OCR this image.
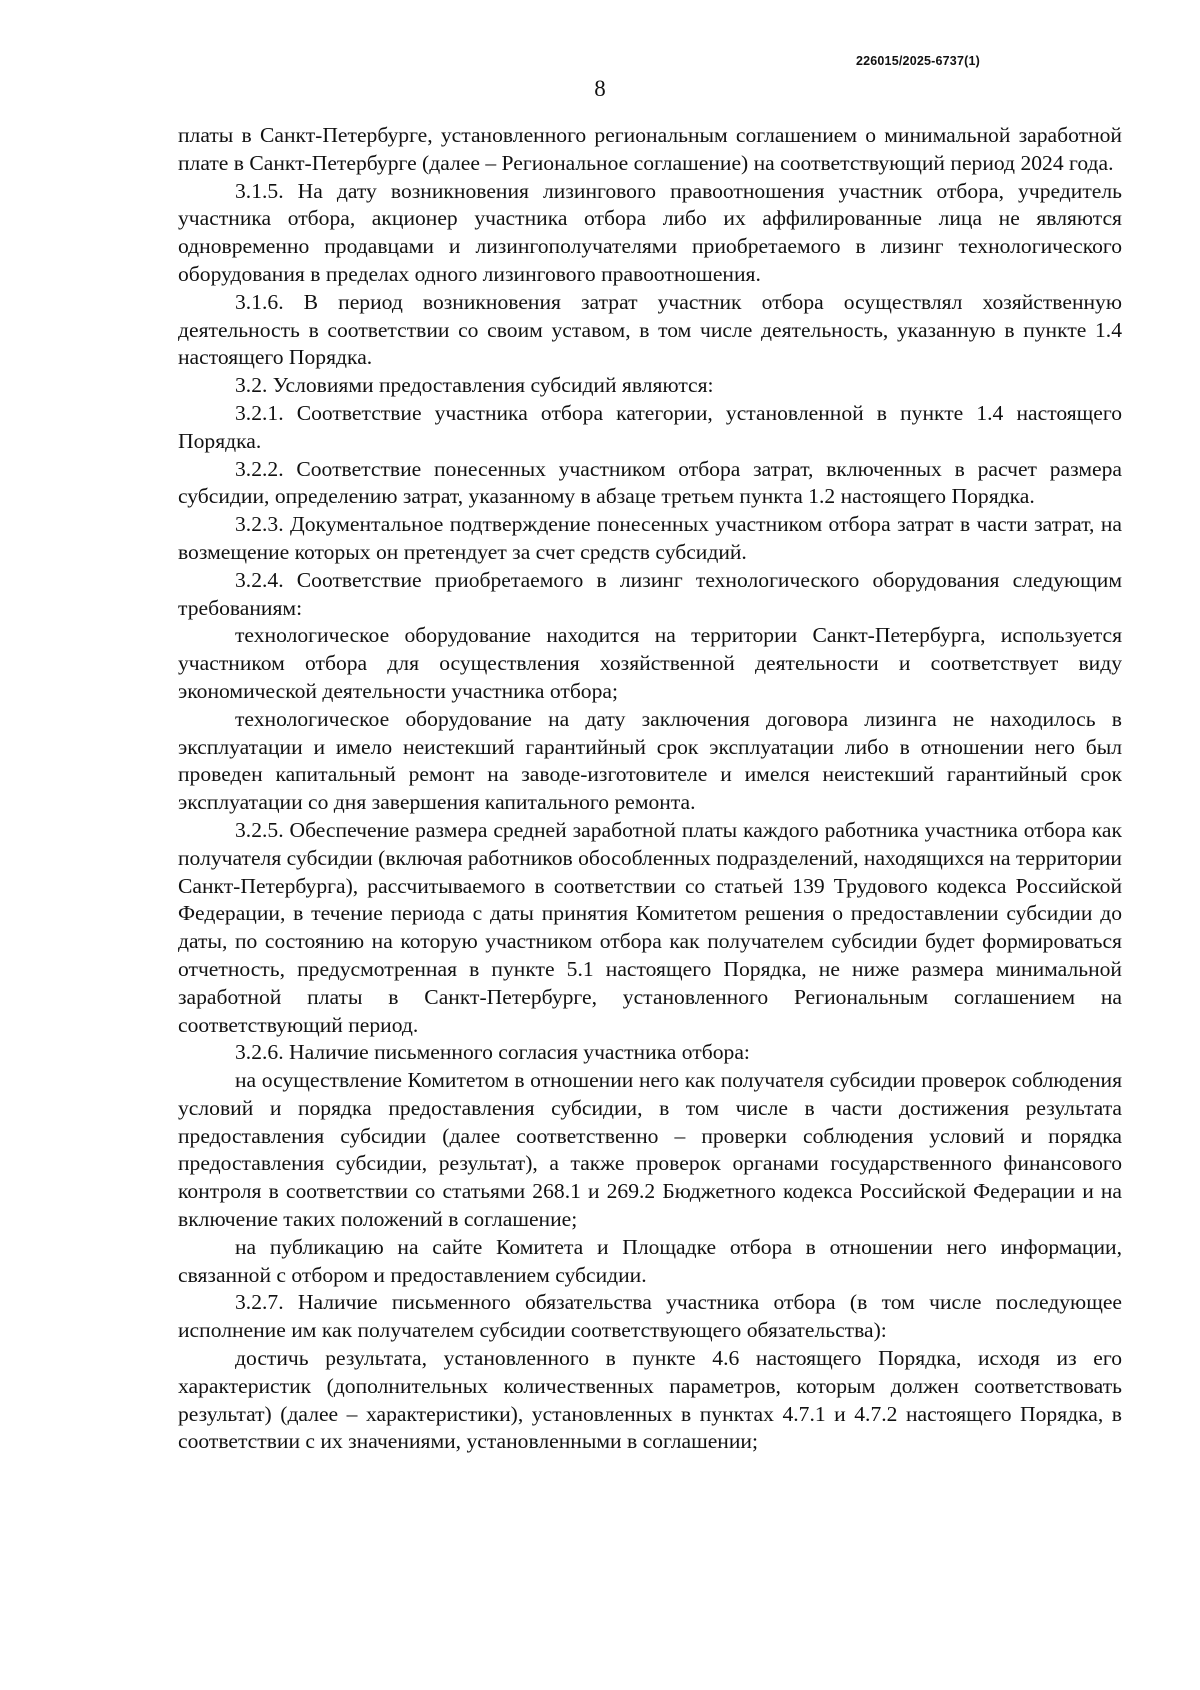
226015/2025-6737(1)
8

платы в Санкт-Петербурге, установленного региональным соглашением о минимальной заработной плате в Санкт-Петербурге (далее – Региональное соглашение) на соответствующий период 2024 года.

3.1.5. На дату возникновения лизингового правоотношения участник отбора, учредитель участника отбора, акционер участника отбора либо их аффилированные лица не являются одновременно продавцами и лизингополучателями приобретаемого в лизинг технологического оборудования в пределах одного лизингового правоотношения.

3.1.6. В период возникновения затрат участник отбора осуществлял хозяйственную деятельность в соответствии со своим уставом, в том числе деятельность, указанную в пункте 1.4 настоящего Порядка.

3.2. Условиями предоставления субсидий являются:

3.2.1. Соответствие участника отбора категории, установленной в пункте 1.4 настоящего Порядка.

3.2.2. Соответствие понесенных участником отбора затрат, включенных в расчет размера субсидии, определению затрат, указанному в абзаце третьем пункта 1.2 настоящего Порядка.

3.2.3. Документальное подтверждение понесенных участником отбора затрат в части затрат, на возмещение которых он претендует за счет средств субсидий.

3.2.4. Соответствие приобретаемого в лизинг технологического оборудования следующим требованиям:

технологическое оборудование находится на территории Санкт-Петербурга, используется участником отбора для осуществления хозяйственной деятельности и соответствует виду экономической деятельности участника отбора;

технологическое оборудование на дату заключения договора лизинга не находилось в эксплуатации и имело неистекший гарантийный срок эксплуатации либо в отношении него был проведен капитальный ремонт на заводе-изготовителе и имелся неистекший гарантийный срок эксплуатации со дня завершения капитального ремонта.

3.2.5. Обеспечение размера средней заработной платы каждого работника участника отбора как получателя субсидии (включая работников обособленных подразделений, находящихся на территории Санкт-Петербурга), рассчитываемого в соответствии со статьей 139 Трудового кодекса Российской Федерации, в течение периода с даты принятия Комитетом решения о предоставлении субсидии до даты, по состоянию на которую участником отбора как получателем субсидии будет формироваться отчетность, предусмотренная в пункте 5.1 настоящего Порядка, не ниже размера минимальной заработной платы в Санкт-Петербурге, установленного Региональным соглашением на соответствующий период.

3.2.6. Наличие письменного согласия участника отбора:

на осуществление Комитетом в отношении него как получателя субсидии проверок соблюдения условий и порядка предоставления субсидии, в том числе в части достижения результата предоставления субсидии (далее соответственно – проверки соблюдения условий и порядка предоставления субсидии, результат), а также проверок органами государственного финансового контроля в соответствии со статьями 268.1 и 269.2 Бюджетного кодекса Российской Федерации и на включение таких положений в соглашение;

на публикацию на сайте Комитета и Площадке отбора в отношении него информации, связанной с отбором и предоставлением субсидии.

3.2.7. Наличие письменного обязательства участника отбора (в том числе последующее исполнение им как получателем субсидии соответствующего обязательства):

достичь результата, установленного в пункте 4.6 настоящего Порядка, исходя из его характеристик (дополнительных количественных параметров, которым должен соответствовать результат) (далее – характеристики), установленных в пунктах 4.7.1 и 4.7.2 настоящего Порядка, в соответствии с их значениями, установленными в соглашении;
